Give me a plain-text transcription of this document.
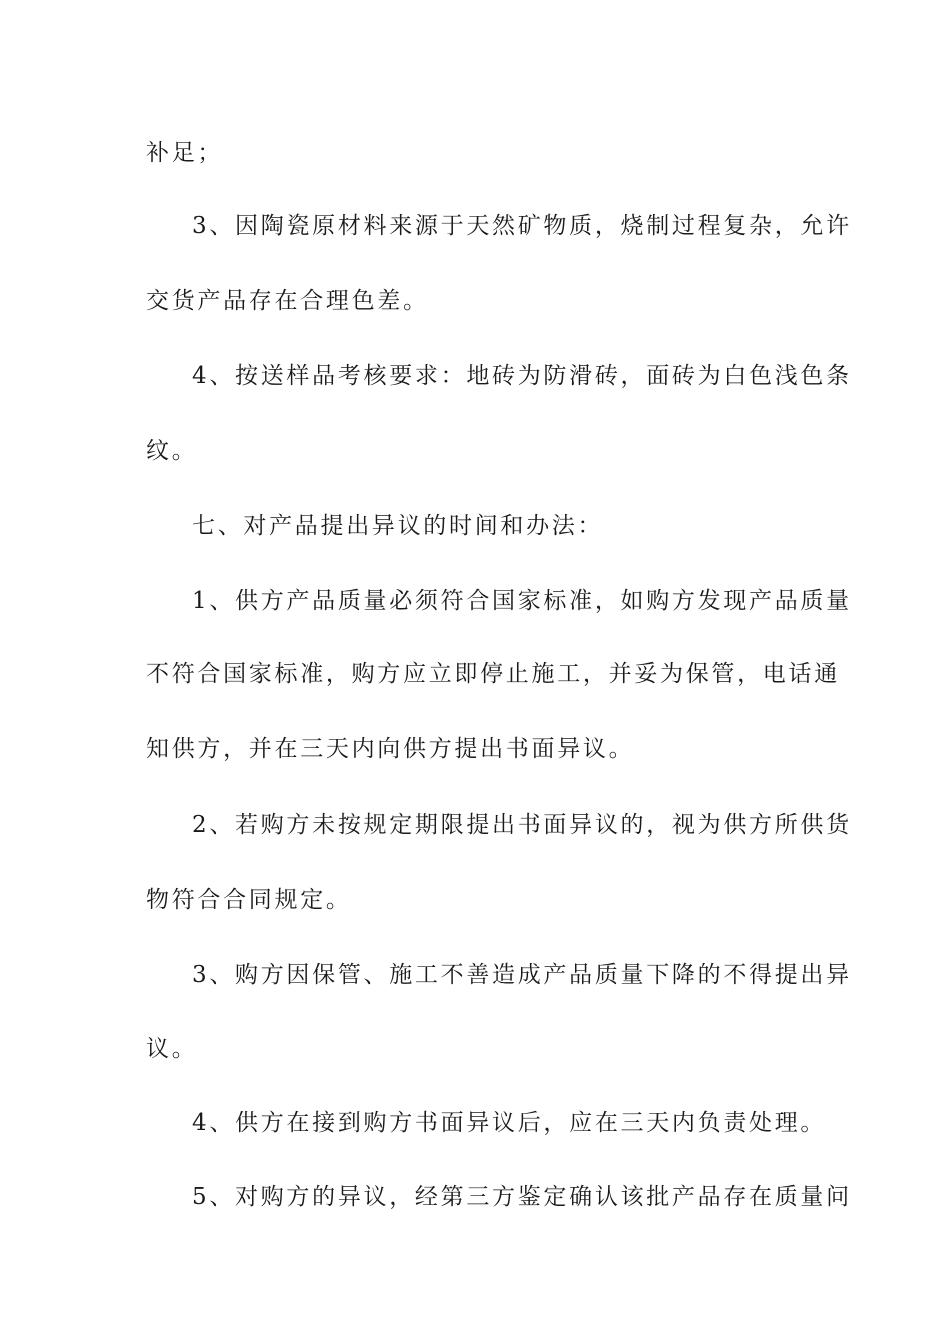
补足；
3、因陶瓷原材料来源于天然矿物质，烧制过程复杂，允许
交货产品存在合理色差。
4、按送样品考核要求：地砖为防滑砖，面砖为白色浅色条
纹。
七、对产品提出异议的时间和办法：
1、供方产品质量必须符合国家标准，如购方发现产品质量
不符合国家标准，购方应立即停止施工，并妥为保管，电话通
知供方，并在三天内向供方提出书面异议。
2、若购方未按规定期限提出书面异议的，视为供方所供货
物符合合同规定。
3、购方因保管、施工不善造成产品质量下降的不得提出异
议。
4、供方在接到购方书面异议后，应在三天内负责处理。
5、对购方的异议，经第三方鉴定确认该批产品存在质量问
